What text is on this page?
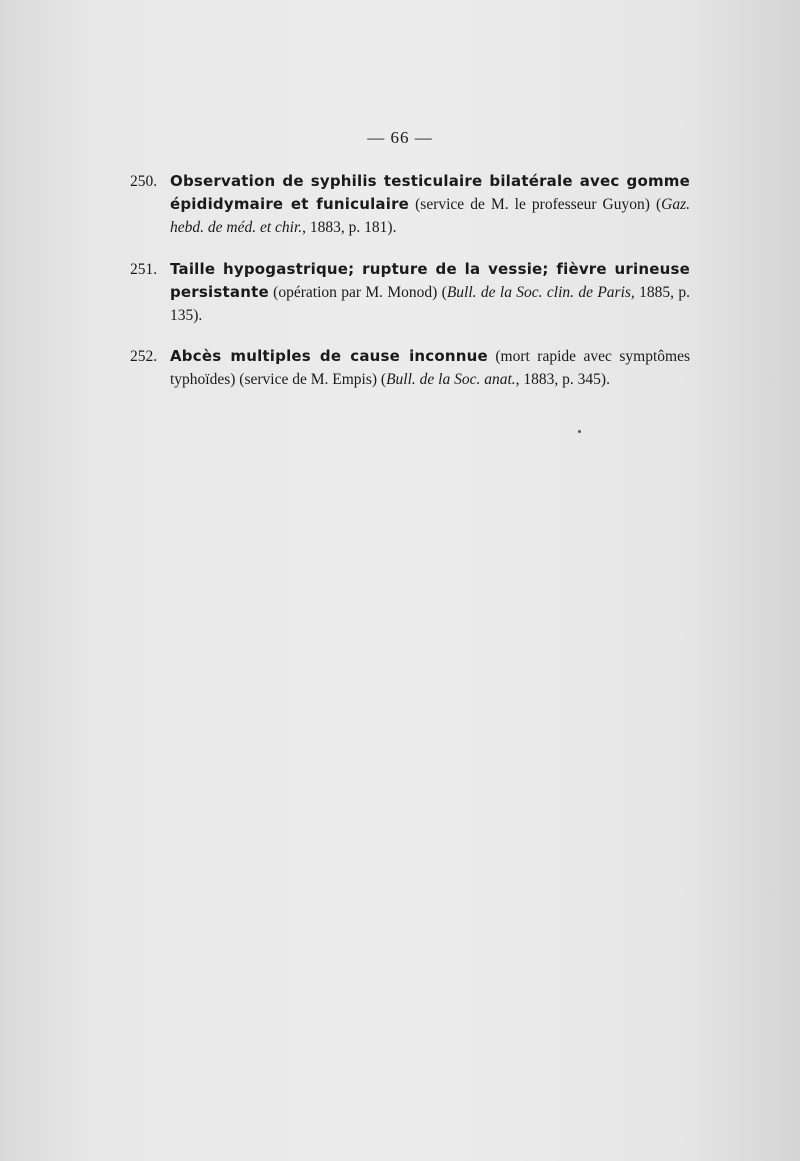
— 66 —
250. Observation de syphilis testiculaire bilatérale avec gomme épididymaire et funiculaire (service de M. le professeur Guyon) (Gaz. hebd. de méd. et chir., 1883, p. 181).
251. Taille hypogastrique; rupture de la vessie; fièvre urineuse persistante (opération par M. Monod) (Bull. de la Soc. clin. de Paris, 1885, p. 135).
252. Abcès multiples de cause inconnue (mort rapide avec symptômes typhoïdes) (service de M. Empis) (Bull. de la Soc. anat., 1883, p. 345).
